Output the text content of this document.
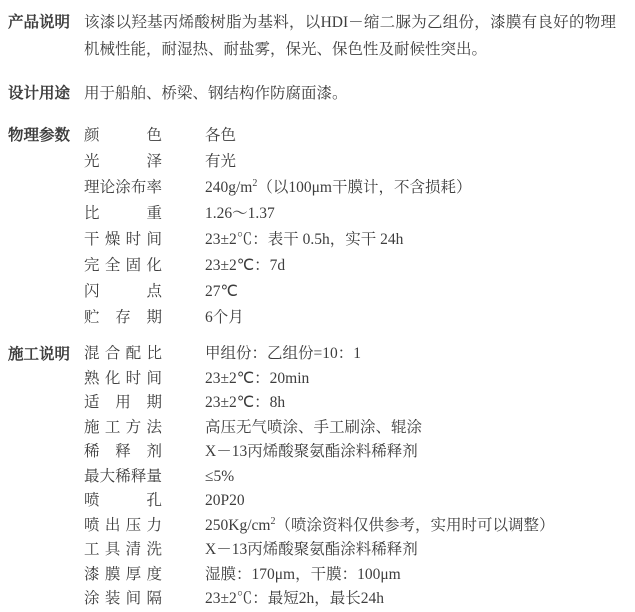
产品说明 该漆以羟基丙烯酸树脂为基料，以HDI－缩二脲为乙组份，漆膜有良好的物理机械性能，耐湿热、耐盐雾，保光、保色性及耐候性突出。
设计用途 用于船舶、桥梁、钢结构作防腐面漆。
物理参数 颜色	各色
光泽	有光
理论涂布率	$240g/m^2$（以100μm干膜计，不含损耗）
比重	1.26～1.37
干燥时间	23±2℃：表干 0.5h，实干 24h
完全固化	23±2℃：7d
闪点	27℃
贮存期	6个月
施工说明 混合配比	甲组份：乙组份=10：1
熟化时间	23±2℃：20min
适用期	23±2℃：8h
施工方法	高压无气喷涂、手工刷涂、辊涂
稀释剂	X－13丙烯酸聚氨酯涂料稀释剂
最大稀释量	≤5%
喷孔	20P20
喷出压力	$250Kg/cm^2$（喷涂资料仅供参考，实用时可以调整）
工具清洗	X－13丙烯酸聚氨酯涂料稀释剂
漆膜厚度	湿膜：170μm，干膜：100μm
涂装间隔	23±2℃：最短2h，最长24h
